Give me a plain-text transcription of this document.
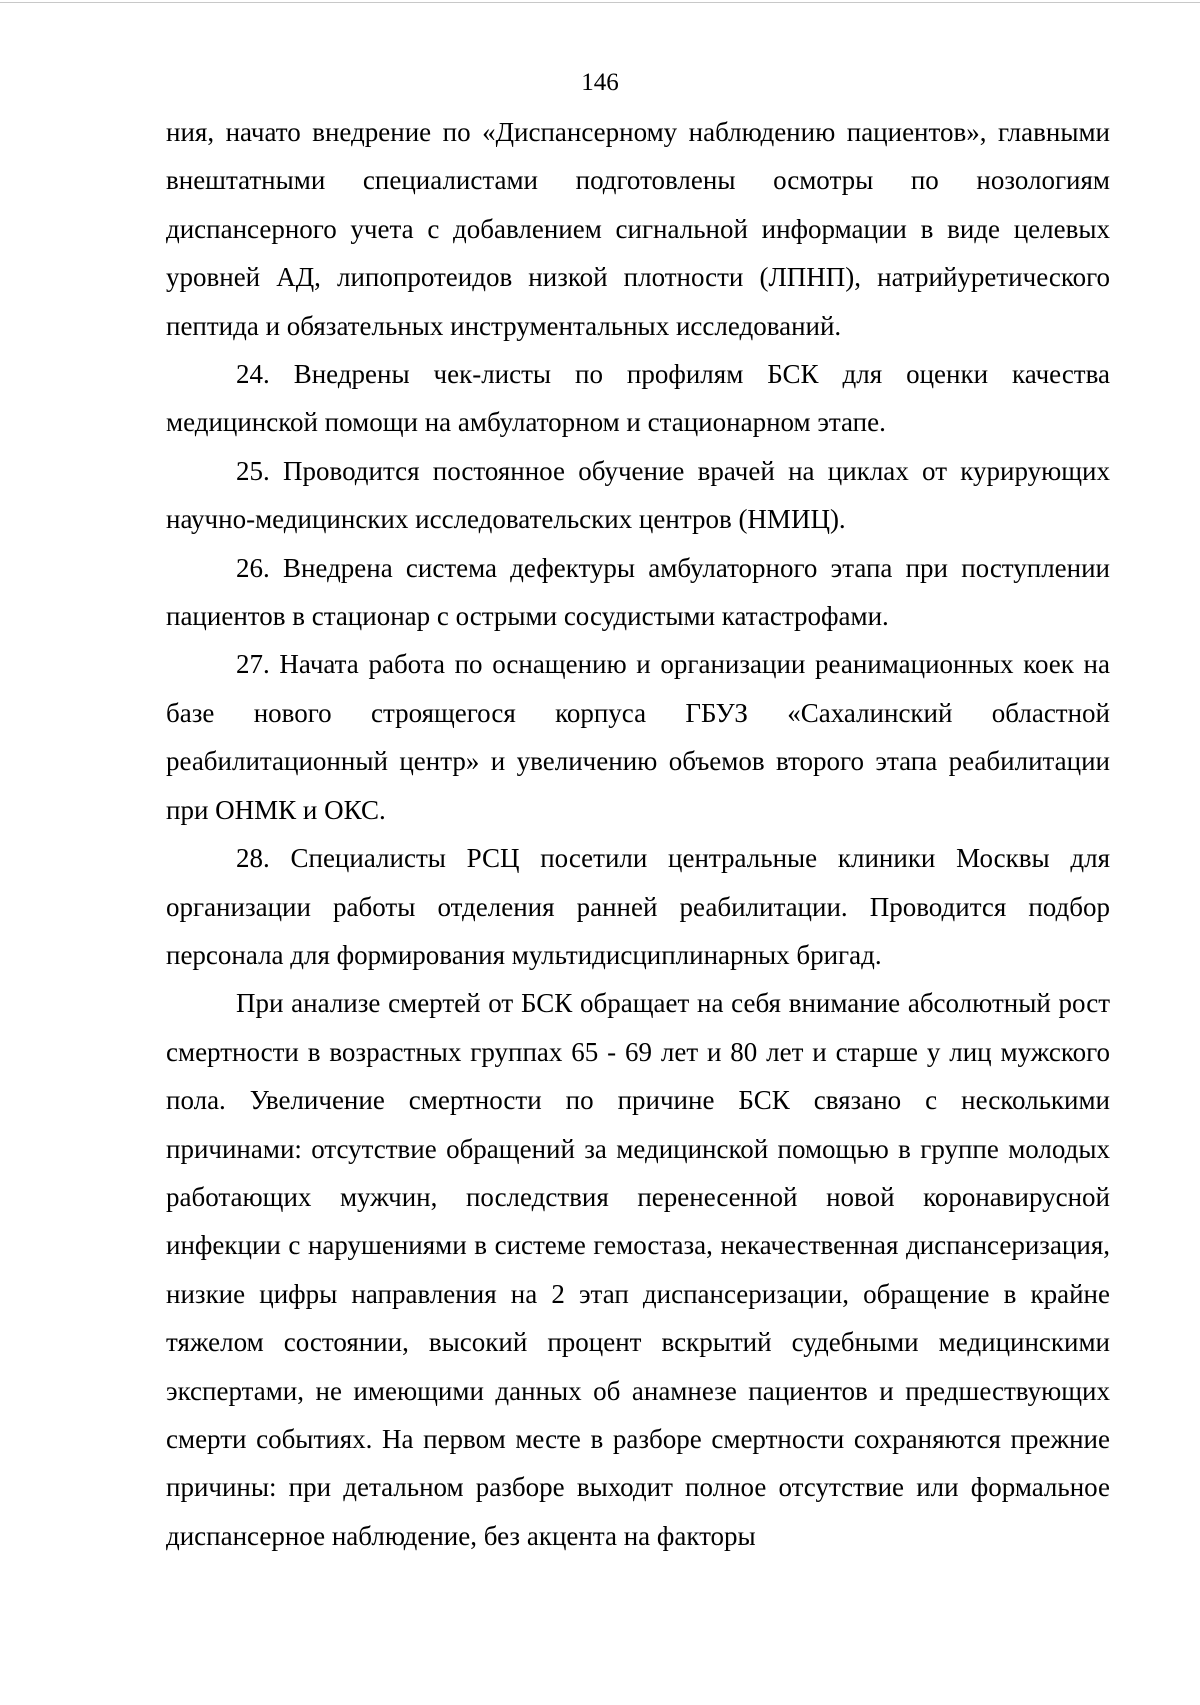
146

ния, начато внедрение по «Диспансерному наблюдению пациентов», главными внештатными специалистами подготовлены осмотры по нозологиям диспансерного учета с добавлением сигнальной информации в виде целевых уровней АД, липопротеидов низкой плотности (ЛПНП), натрийуретического пептида и обязательных инструментальных исследований.

24. Внедрены чек-листы по профилям БСК для оценки качества медицинской помощи на амбулаторном и стационарном этапе.

25. Проводится постоянное обучение врачей на циклах от курирующих научно-медицинских исследовательских центров (НМИЦ).

26. Внедрена система дефектуры амбулаторного этапа при поступлении пациентов в стационар с острыми сосудистыми катастрофами.

27. Начата работа по оснащению и организации реанимационных коек на базе нового строящегося корпуса ГБУЗ «Сахалинский областной реабилитационный центр» и увеличению объемов второго этапа реабилитации при ОНМК и ОКС.

28. Специалисты РСЦ посетили центральные клиники Москвы для организации работы отделения ранней реабилитации. Проводится подбор персонала для формирования мультидисциплинарных бригад.

При анализе смертей от БСК обращает на себя внимание абсолютный рост смертности в возрастных группах 65 - 69 лет и 80 лет и старше у лиц мужского пола. Увеличение смертности по причине БСК связано с несколькими причинами: отсутствие обращений за медицинской помощью в группе молодых работающих мужчин, последствия перенесенной новой коронавирусной инфекции с нарушениями в системе гемостаза, некачественная диспансеризация, низкие цифры направления на 2 этап диспансеризации, обращение в крайне тяжелом состоянии, высокий процент вскрытий судебными медицинскими экспертами, не имеющими данных об анамнезе пациентов и предшествующих смерти событиях. На первом месте в разборе смертности сохраняются прежние причины: при детальном разборе выходит полное отсутствие или формальное диспансерное наблюдение, без акцента на факторы
